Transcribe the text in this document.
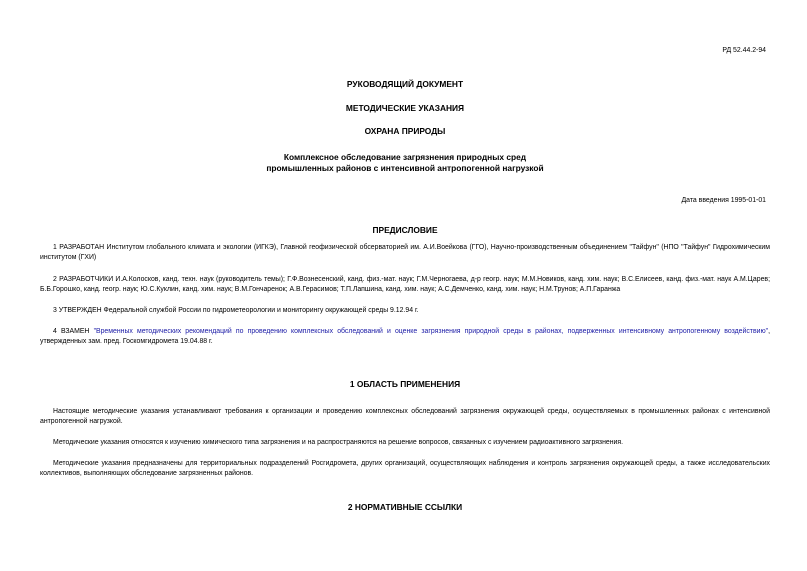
РД 52.44.2-94
РУКОВОДЯЩИЙ ДОКУМЕНТ
МЕТОДИЧЕСКИЕ УКАЗАНИЯ
ОХРАНА ПРИРОДЫ
Комплексное обследование загрязнения природных сред
промышленных районов с интенсивной антропогенной нагрузкой
Дата введения 1995-01-01
ПРЕДИСЛОВИЕ
1 РАЗРАБОТАН Институтом глобального климата и экологии (ИГКЭ), Главной геофизической обсерваторией им. А.И.Воейкова (ГГО), Научно-производственным объединением "Тайфун" (НПО "Тайфун" Гидрохимическим институтом (ГХИ)
2 РАЗРАБОТЧИКИ И.А.Колосков, канд. техн. наук (руководитель темы); Г.Ф.Вознесенский, канд. физ.-мат. наук; Г.М.Черногаева, д-р геогр. наук; М.М.Новиков, канд. хим. наук; В.С.Елисеев, канд. физ.-мат. наук А.М.Царев; Б.Б.Горошко, канд. геогр. наук; Ю.С.Куклин, канд. хим. наук; В.М.Гончаренок; А.В.Герасимов; Т.П.Лапшина, канд. хим. наук; А.С.Демченко, канд. хим. наук; Н.М.Трунов; А.П.Гаранжа
3 УТВЕРЖДЕН Федеральной службой России по гидрометеорологии и мониторингу окружающей среды 9.12.94 г.
4 ВЗАМЕН "Временных методических рекомендаций по проведению комплексных обследований и оценке загрязнения природной среды в районах, подверженных интенсивному антропогенному воздействию", утвержденных зам. пред. Госкомгидромета 19.04.88 г.
1 ОБЛАСТЬ ПРИМЕНЕНИЯ
Настоящие методические указания устанавливают требования к организации и проведению комплексных обследований загрязнения окружающей среды, осуществляемых в промышленных районах с интенсивной антропогенной нагрузкой.
Методические указания относятся к изучению химического типа загрязнения и на распространяются на решение вопросов, связанных с изучением радиоактивного загрязнения.
Методические указания предназначены для территориальных подразделений Росгидромета, других организаций, осуществляющих наблюдения и контроль загрязнения окружающей среды, а также исследовательских коллективов, выполняющих обследование загрязненных районов.
2 НОРМАТИВНЫЕ ССЫЛКИ
